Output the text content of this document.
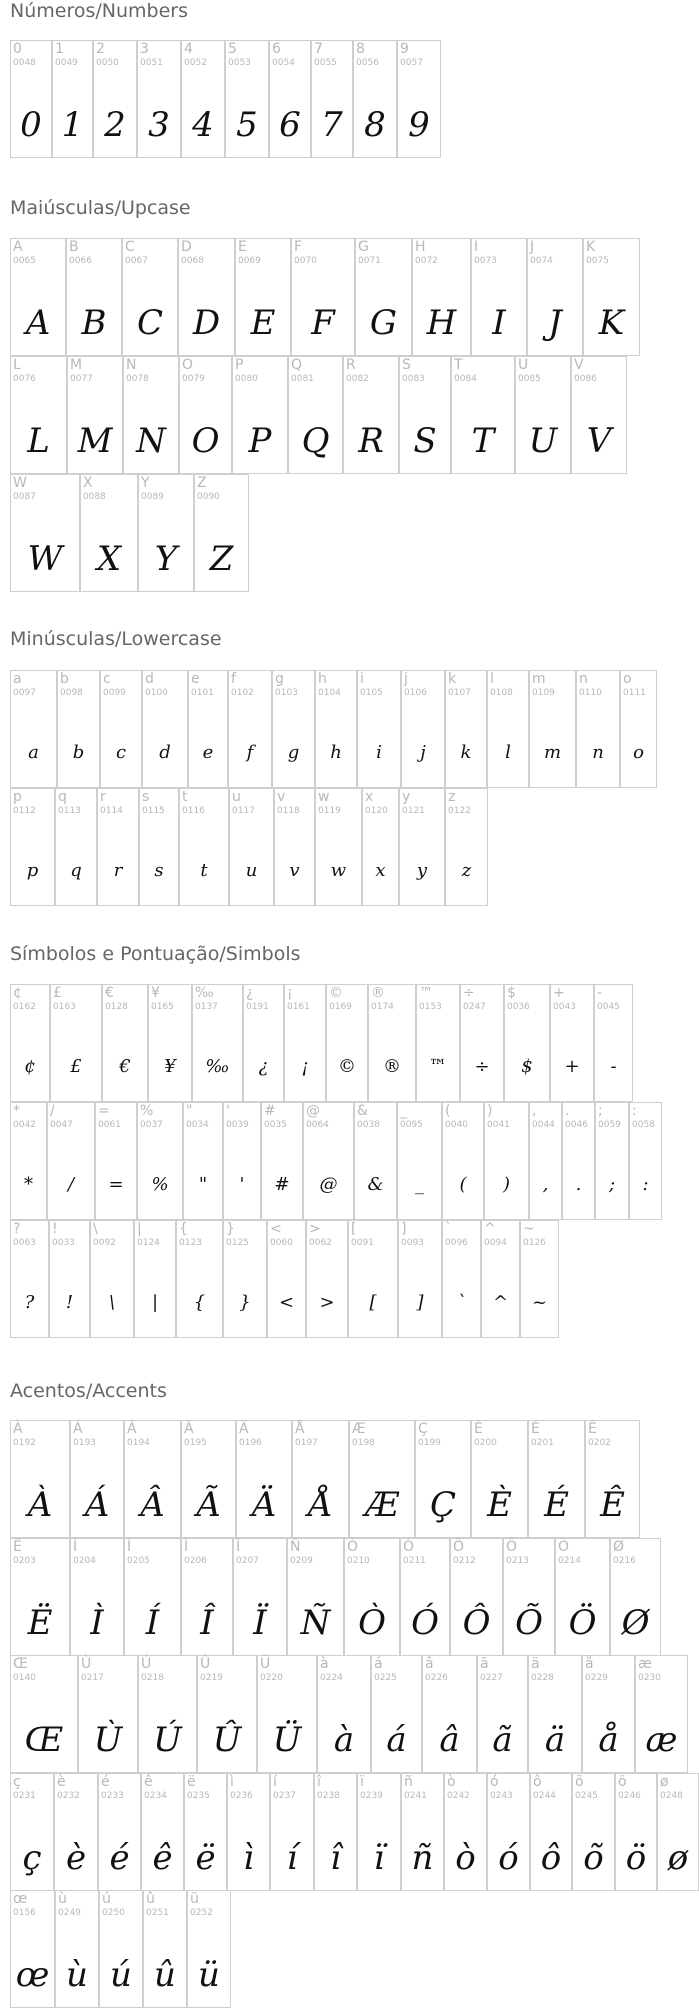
Números/Numbers
0
0048
0
1
0049
1
2
0050
2
3
0051
3
4
0052
4
5
0053
5
6
0054
6
7
0055
7
8
0056
8
9
0057
9
Maiúsculas/Upcase
A
0065
A
B
0066
B
C
0067
C
D
0068
D
E
0069
E
F
0070
F
G
0071
G
H
0072
H
I
0073
I
J
0074
J
K
0075
K
L
0076
L
M
0077
M
N
0078
N
O
0079
O
P
0080
P
Q
0081
Q
R
0082
R
S
0083
S
T
0084
T
U
0085
U
V
0086
V
W
0087
W
X
0088
X
Y
0089
Y
Z
0090
Z
Minúsculas/Lowercase
a
0097
a
b
0098
b
c
0099
c
d
0100
d
e
0101
e
f
0102
f
g
0103
g
h
0104
h
i
0105
i
j
0106
j
k
0107
k
l
0108
l
m
0109
m
n
0110
n
o
0111
o
p
0112
p
q
0113
q
r
0114
r
s
0115
s
t
0116
t
u
0117
u
v
0118
v
w
0119
w
x
0120
x
y
0121
y
z
0122
z
Símbolos e Pontuação/Simbols
¢
0162
¢
£
0163
£
€
0128
€
¥
0165
¥
‰
0137
‰
¿
0191
¿
¡
0161
¡
©
0169
©
®
0174
®
™
0153
™
÷
0247
÷
$
0036
$
+
0043
+
-
0045
-
*
0042
*
/
0047
/
=
0061
=
%
0037
%
"
0034
"
'
0039
'
#
0035
#
@
0064
@
&
0038
&
_
0095
_
(
0040
(
)
0041
)
,
0044
,
.
0046
.
;
0059
;
:
0058
:
?
0063
?
!
0033
!
\
0092
\
|
0124
|
{
0123
{
}
0125
}
<
0060
<
>
0062
>
[
0091
[
]
0093
]
`
0096
`
^
0094
^
~
0126
~
Acentos/Accents
À
0192
À
Á
0193
Á
Â
0194
Â
Ã
0195
Ã
Ä
0196
Ä
Å
0197
Å
Æ
0198
Æ
Ç
0199
Ç
È
0200
È
É
0201
É
Ê
0202
Ê
Ë
0203
Ë
Ì
0204
Ì
Í
0205
Í
Î
0206
Î
Ï
0207
Ï
Ñ
0209
Ñ
Ò
0210
Ò
Ó
0211
Ó
Ô
0212
Ô
Õ
0213
Õ
Ö
0214
Ö
Ø
0216
Ø
Œ
0140
Œ
Ù
0217
Ù
Ú
0218
Ú
Û
0219
Û
Ü
0220
Ü
à
0224
à
á
0225
á
â
0226
â
ã
0227
ã
ä
0228
ä
å
0229
å
æ
0230
æ
ç
0231
ç
è
0232
è
é
0233
é
ê
0234
ê
ë
0235
ë
ì
0236
ì
í
0237
í
î
0238
î
ï
0239
ï
ñ
0241
ñ
ò
0242
ò
ó
0243
ó
ô
0244
ô
õ
0245
õ
ö
0246
ö
ø
0248
ø
œ
0156
œ
ù
0249
ù
ú
0250
ú
û
0251
û
ü
0252
ü
